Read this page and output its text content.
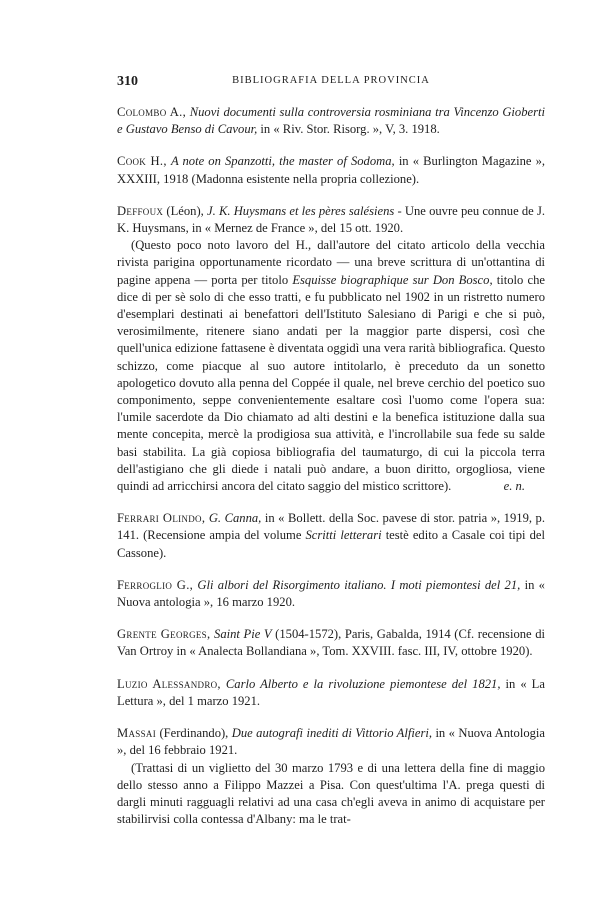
310	BIBLIOGRAFIA DELLA PROVINCIA
Colombo A., Nuovi documenti sulla controversia rosminiana tra Vincenzo Gioberti e Gustavo Benso di Cavour, in « Riv. Stor. Risorg. », V, 3. 1918.
Cook H., A note on Spanzotti, the master of Sodoma, in « Burlington Magazine », XXXIII, 1918 (Madonna esistente nella propria collezione).

Deffoux (Léon), J. K. Huysmans et les pères salésiens - Une ouvre peu connue de J. K. Huysmans, in « Mernez de France », del 15 ott. 1920.

(Questo poco noto lavoro del H., dall'autore del citato articolo della vecchia rivista parigina opportunamente ricordato — una breve scrittura di un'ottantina di pagine appena — porta per titolo Esquisse biographique sur Don Bosco, titolo che dice di per sè solo di che esso tratti, e fu pubblicato nel 1902 in un ristretto numero d'esemplari destinati ai benefattori dell'Istituto Salesiano di Parigi e che si può, verosimilmente, ritenere siano andati per la maggior parte dispersi, così che quell'unica edizione fattasene è diventata oggidì una vera rarità bibliografica. Questo schizzo, come piacque al suo autore intitolarlo, è preceduto da un sonetto apologetico dovuto alla penna del Coppée il quale, nel breve cerchio del poetico suo componimento, seppe convenientemente esaltare così l'uomo come l'opera sua: l'umile sacerdote da Dio chiamato ad alti destini e la benefica istituzione dalla sua mente concepita, mercè la prodigiosa sua attività, e l'incrollabile sua fede su salde basi stabilita. La già copiosa bibliografia del taumaturgo, di cui la piccola terra dell'astigiano che gli diede i natali può andare, a buon diritto, orgogliosa, viene quindi ad arricchirsi ancora del citato saggio del mistico scrittore).	e. n.

Ferrari Olindo, G. Canna, in « Bollett. della Soc. pavese di stor. patria », 1919, p. 141. (Recensione ampia del volume Scritti letterari testè edito a Casale coi tipi del Cassone).
Ferroglio G., Gli albori del Risorgimento italiano. I moti piemontesi del 21, in « Nuova antologia », 16 marzo 1920.
Grente Georges, Saint Pie V (1504-1572), Paris, Gabalda, 1914 (Cf. recensione di Van Ortroy in « Analecta Bollandiana », Tom. XXVIII. fasc. III, IV, ottobre 1920).
Luzio Alessandro, Carlo Alberto e la rivoluzione piemontese del 1821, in « La Lettura », del 1 marzo 1921.

Massai (Ferdinando), Due autografi inediti di Vittorio Alfieri, in « Nuova Antologia », del 16 febbraio 1921.

(Trattasi di un viglietto del 30 marzo 1793 e di una lettera della fine di maggio dello stesso anno a Filippo Mazzei a Pisa. Con quest'ultima l'A. prega questi di dargli minuti ragguagli relativi ad una casa ch'egli aveva in animo di acquistare per stabilirvisi colla contessa d'Albany: ma le trat-
